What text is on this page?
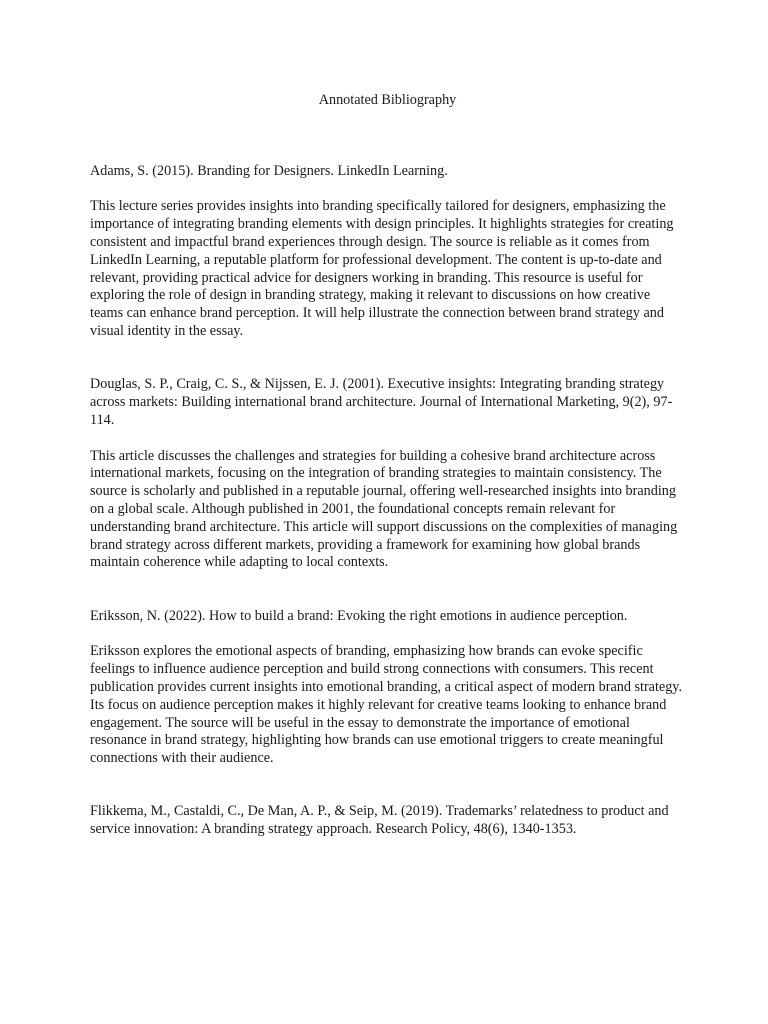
Annotated Bibliography

Adams, S. (2015). Branding for Designers. LinkedIn Learning.

This lecture series provides insights into branding specifically tailored for designers, emphasizing the importance of integrating branding elements with design principles. It highlights strategies for creating consistent and impactful brand experiences through design. The source is reliable as it comes from LinkedIn Learning, a reputable platform for professional development. The content is up-to-date and relevant, providing practical advice for designers working in branding. This resource is useful for exploring the role of design in branding strategy, making it relevant to discussions on how creative teams can enhance brand perception. It will help illustrate the connection between brand strategy and visual identity in the essay.

Douglas, S. P., Craig, C. S., & Nijssen, E. J. (2001). Executive insights: Integrating branding strategy across markets: Building international brand architecture. Journal of International Marketing, 9(2), 97-114.

This article discusses the challenges and strategies for building a cohesive brand architecture across international markets, focusing on the integration of branding strategies to maintain consistency. The source is scholarly and published in a reputable journal, offering well-researched insights into branding on a global scale. Although published in 2001, the foundational concepts remain relevant for understanding brand architecture. This article will support discussions on the complexities of managing brand strategy across different markets, providing a framework for examining how global brands maintain coherence while adapting to local contexts.

Eriksson, N. (2022). How to build a brand: Evoking the right emotions in audience perception.

Eriksson explores the emotional aspects of branding, emphasizing how brands can evoke specific feelings to influence audience perception and build strong connections with consumers. This recent publication provides current insights into emotional branding, a critical aspect of modern brand strategy. Its focus on audience perception makes it highly relevant for creative teams looking to enhance brand engagement. The source will be useful in the essay to demonstrate the importance of emotional resonance in brand strategy, highlighting how brands can use emotional triggers to create meaningful connections with their audience.

Flikkema, M., Castaldi, C., De Man, A. P., & Seip, M. (2019). Trademarks’ relatedness to product and service innovation: A branding strategy approach. Research Policy, 48(6), 1340-1353.
